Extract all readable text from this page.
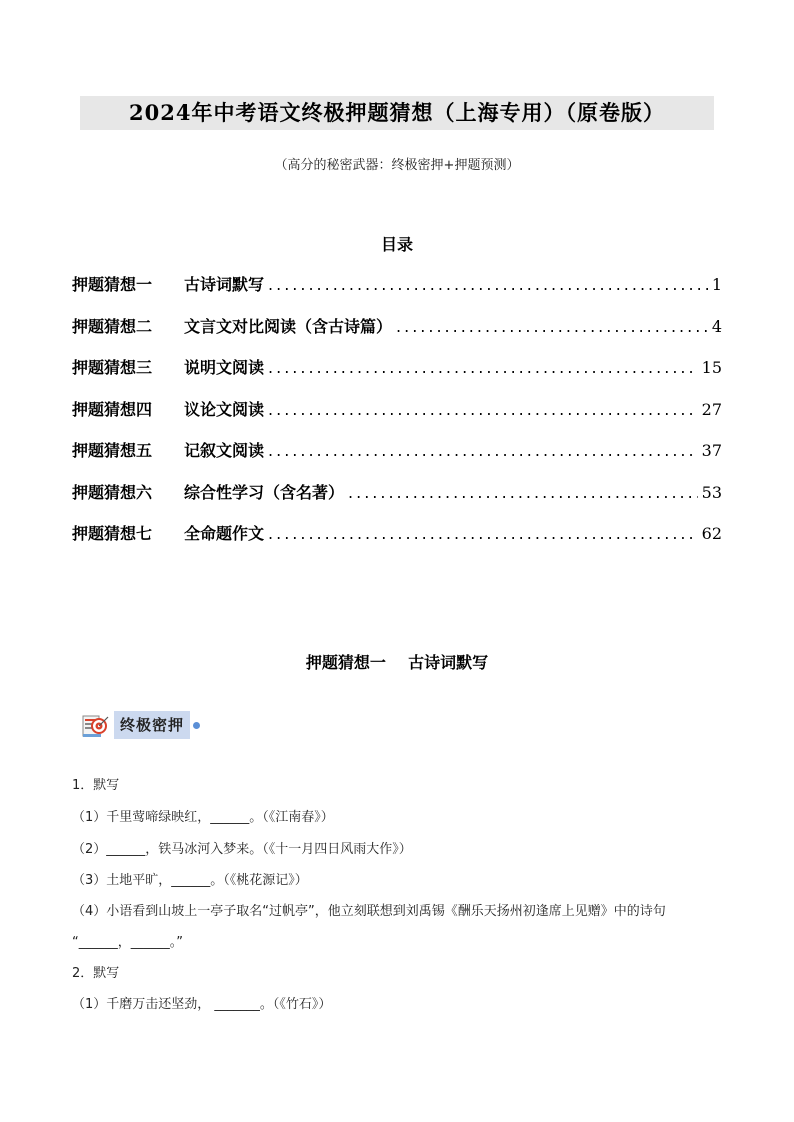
2024年中考语文终极押题猜想（上海专用）（原卷版）
（高分的秘密武器：终极密押+押题预测）
目录
押题猜想一	古诗词默写 .....	1
押题猜想二	文言文对比阅读（含古诗篇） .....	4
押题猜想三	说明文阅读 .....	15
押题猜想四	议论文阅读 .....	27
押题猜想五	记叙文阅读 .....	37
押题猜想六	综合性学习（含名著） .....	53
押题猜想七	全命题作文 .....	62
押题猜想一    古诗词默写
终极密押
1．默写
（1）千里莺啼绿映红，______。（《江南春》）
（2）______，铁马冰河入梦来。（《十一月四日风雨大作》）
（3）土地平旷，______。（《桃花源记》）
（4）小语看到山坡上一亭子取名“过帆亭”，他立刻联想到刘禹锡《酬乐天扬州初逢席上见赠》中的诗句
“______，______。”
2．默写
（1）千磨万击还坚劲， _______。（《竹石》）
